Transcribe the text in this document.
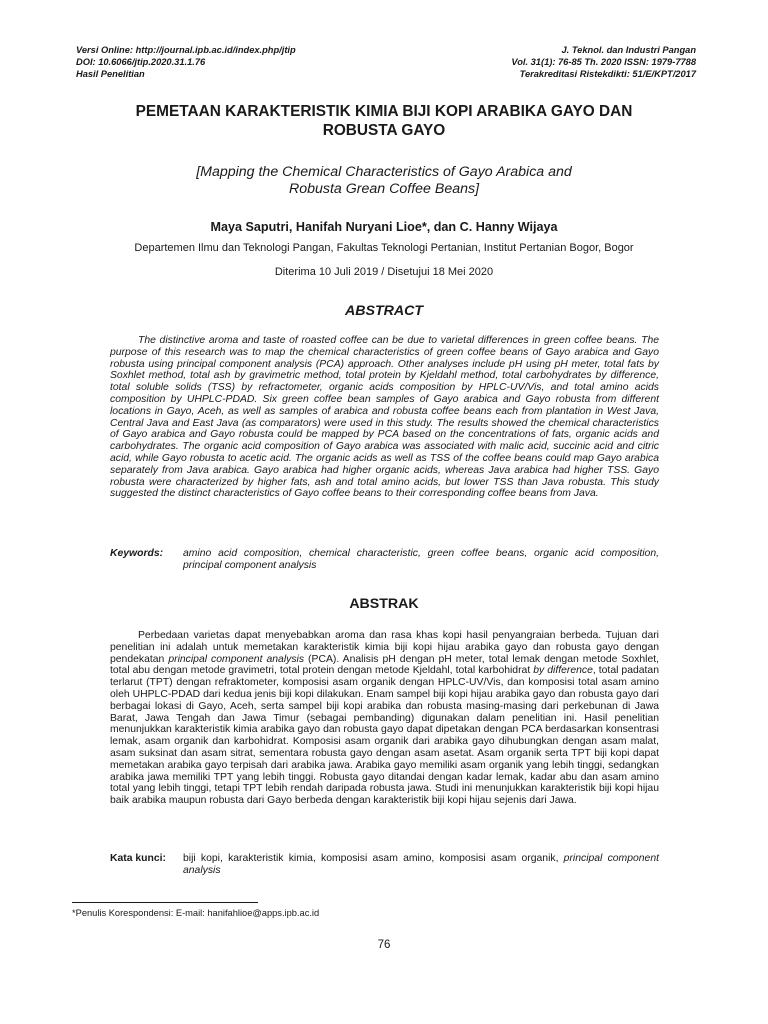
Versi Online: http://journal.ipb.ac.id/index.php/jtip	J. Teknol. dan Industri Pangan
DOI: 10.6066/jtip.2020.31.1.76	Vol. 31(1): 76-85 Th. 2020 ISSN: 1979-7788
Hasil Penelitian	Terakreditasi Ristekdikti: 51/E/KPT/2017
PEMETAAN KARAKTERISTIK KIMIA BIJI KOPI ARABIKA GAYO DAN
ROBUSTA GAYO
[Mapping the Chemical Characteristics of Gayo Arabica and
Robusta Grean Coffee Beans]
Maya Saputri, Hanifah Nuryani Lioe*, dan C. Hanny Wijaya
Departemen Ilmu dan Teknologi Pangan, Fakultas Teknologi Pertanian, Institut Pertanian Bogor, Bogor
Diterima 10 Juli 2019 / Disetujui 18 Mei 2020
ABSTRACT

The distinctive aroma and taste of roasted coffee can be due to varietal differences in green coffee beans. The purpose of this research was to map the chemical characteristics of green coffee beans of Gayo arabica and Gayo robusta using principal component analysis (PCA) approach. Other analyses include pH using pH meter, total fats by Soxhlet method, total ash by gravimetric method, total protein by Kjeldahl method, total carbohydrates by difference, total soluble solids (TSS) by refractometer, organic acids composition by HPLC-UV/Vis, and total amino acids composition by UHPLC-PDAD. Six green coffee bean samples of Gayo arabica and Gayo robusta from different locations in Gayo, Aceh, as well as samples of arabica and robusta coffee beans each from plantation in West Java, Central Java and East Java (as comparators) were used in this study. The results showed the chemical characteristics of Gayo arabica and Gayo robusta could be mapped by PCA based on the concentrations of fats, organic acids and carbohydrates. The organic acid composition of Gayo arabica was associated with malic acid, succinic acid and citric acid, while Gayo robusta to acetic acid. The organic acids as well as TSS of the coffee beans could map Gayo arabica separately from Java arabica. Gayo arabica had higher organic acids, whereas Java arabica had higher TSS. Gayo robusta were characterized by higher fats, ash and total amino acids, but lower TSS than Java robusta. This study suggested the distinct characteristics of Gayo coffee beans to their corresponding coffee beans from Java.

Keywords:	amino acid composition, chemical characteristic, green coffee beans, organic acid composition, principal component analysis
ABSTRAK

Perbedaan varietas dapat menyebabkan aroma dan rasa khas kopi hasil penyangraian berbeda. Tujuan dari penelitian ini adalah untuk memetakan karakteristik kimia biji kopi hijau arabika gayo dan robusta gayo dengan pendekatan principal component analysis (PCA). Analisis pH dengan pH meter, total lemak dengan metode Soxhlet, total abu dengan metode gravimetri, total protein dengan metode Kjeldahl, total karbohidrat by difference, total padatan terlarut (TPT) dengan refraktometer, komposisi asam organik dengan HPLC-UV/Vis, dan komposisi total asam amino oleh UHPLC-PDAD dari kedua jenis biji kopi dilakukan. Enam sampel biji kopi hijau arabika gayo dan robusta gayo dari berbagai lokasi di Gayo, Aceh, serta sampel biji kopi arabika dan robusta masing-masing dari perkebunan di Jawa Barat, Jawa Tengah dan Jawa Timur (sebagai pembanding) digunakan dalam penelitian ini. Hasil penelitian menunjukkan karakteristik kimia arabika gayo dan robusta gayo dapat dipetakan dengan PCA berdasarkan konsentrasi lemak, asam organik dan karbohidrat. Komposisi asam organik dari arabika gayo dihubungkan dengan asam malat, asam suksinat dan asam sitrat, sementara robusta gayo dengan asam asetat. Asam organik serta TPT biji kopi dapat memetakan arabika gayo terpisah dari arabika jawa. Arabika gayo memiliki asam organik yang lebih tinggi, sedangkan arabika jawa memiliki TPT yang lebih tinggi. Robusta gayo ditandai dengan kadar lemak, kadar abu dan asam amino total yang lebih tinggi, tetapi TPT lebih rendah daripada robusta jawa. Studi ini menunjukkan karakteristik biji kopi hijau baik arabika maupun robusta dari Gayo berbeda dengan karakteristik biji kopi hijau sejenis dari Jawa.

Kata kunci:	biji kopi, karakteristik kimia, komposisi asam amino, komposisi asam organik, principal component analysis
*Penulis Korespondensi: E-mail: hanifahlioe@apps.ipb.ac.id
76
